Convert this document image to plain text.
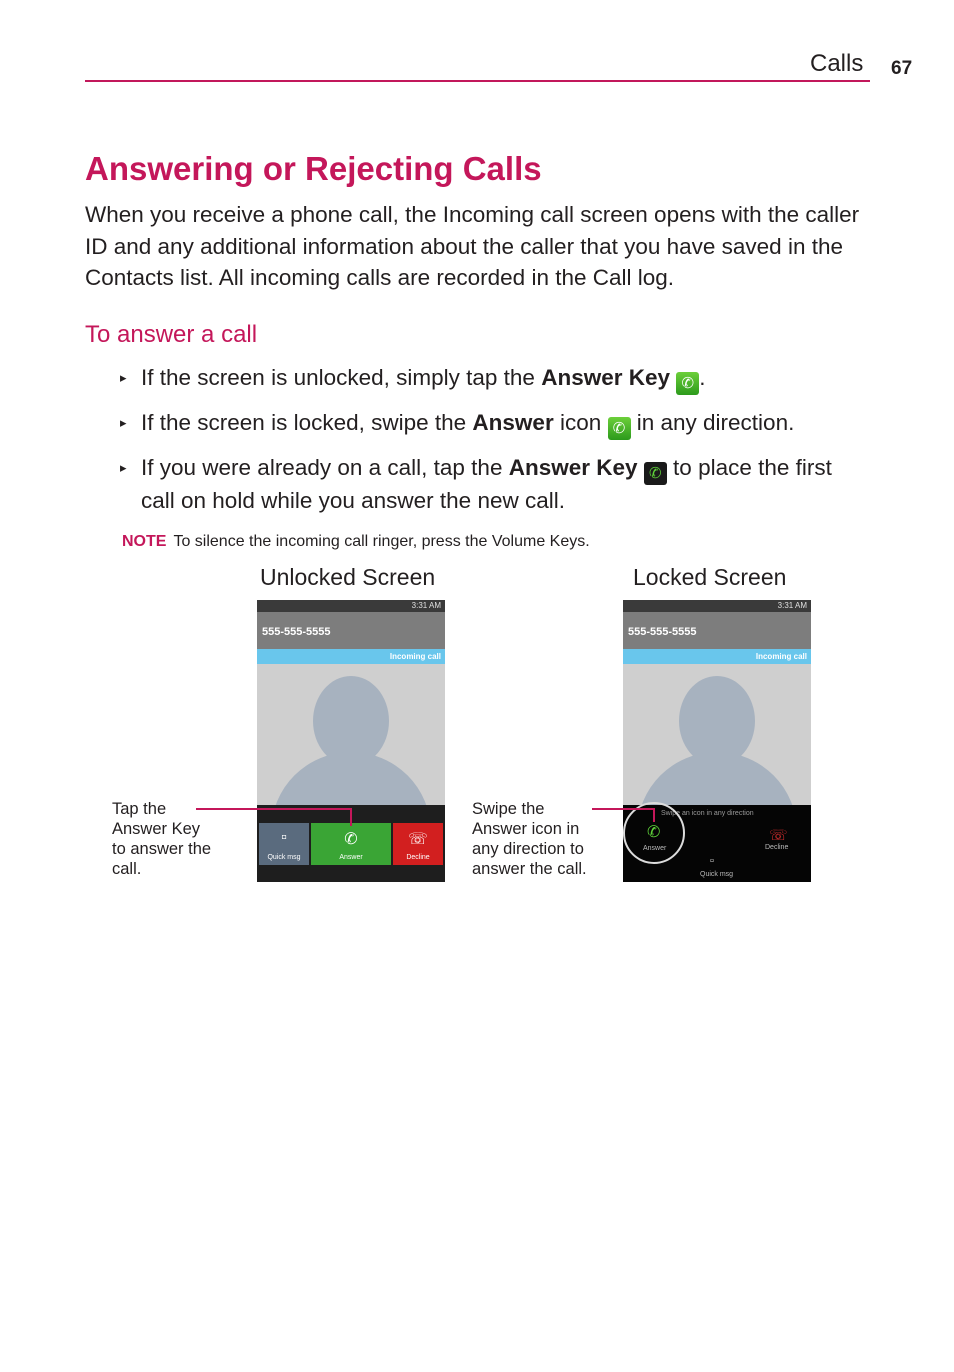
Calls 67
Answering or Rejecting Calls
When you receive a phone call, the Incoming call screen opens with the caller ID and any additional information about the caller that you have saved in the Contacts list. All incoming calls are recorded in the Call log.
To answer a call
▸ If the screen is unlocked, simply tap the Answer Key ✆ .
▸ If the screen is locked, swipe the Answer icon ✆ in any direction.
▸ If you were already on a call, tap the Answer Key ✆ to place the first call on hold while you answer the new call.
NOTE To silence the incoming call ringer, press the Volume Keys.
Unlocked Screen	Locked Screen
3:31 AM
555-555-5555
Incoming call
▫
Quick msg
✆
Answer
☏
Decline
3:31 AM
555-555-5555
Incoming call
Swipe an icon in any direction
✆
Answer
☏
Decline
▫
Quick msg
Tap the
Answer Key
to answer the
call.
Swipe the
Answer icon in
any direction to
answer the call.
